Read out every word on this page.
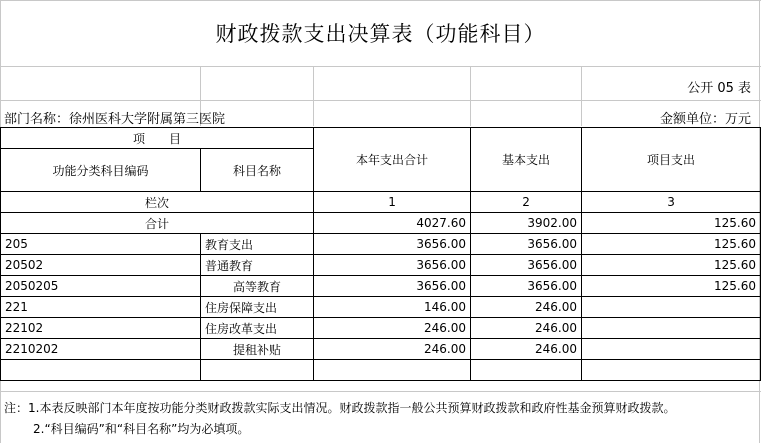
财政拨款支出决算表（功能科目）
公开 05 表
部门名称：徐州医科大学附属第三医院	金额单位：万元
项　　目		本年支出合计	基本支出	项目支出
功能分类科目编码	科目名称			
栏次		1	2	3
合计		4027.60	3902.00	125.60
205	教育支出	3656.00	3656.00	125.60
20502	普通教育	3656.00	3656.00	125.60
2050205	高等教育	3656.00	3656.00	125.60
221	住房保障支出	146.00	246.00	
22102	住房改革支出	246.00	246.00	
2210202	提租补贴	246.00	246.00	

注：1.本表反映部门本年度按功能分类财政拨款实际支出情况。财政拨款指一般公共预算财政拨款和政府性基金预算财政拨款。
2.“科目编码”和“科目名称”均为必填项。
